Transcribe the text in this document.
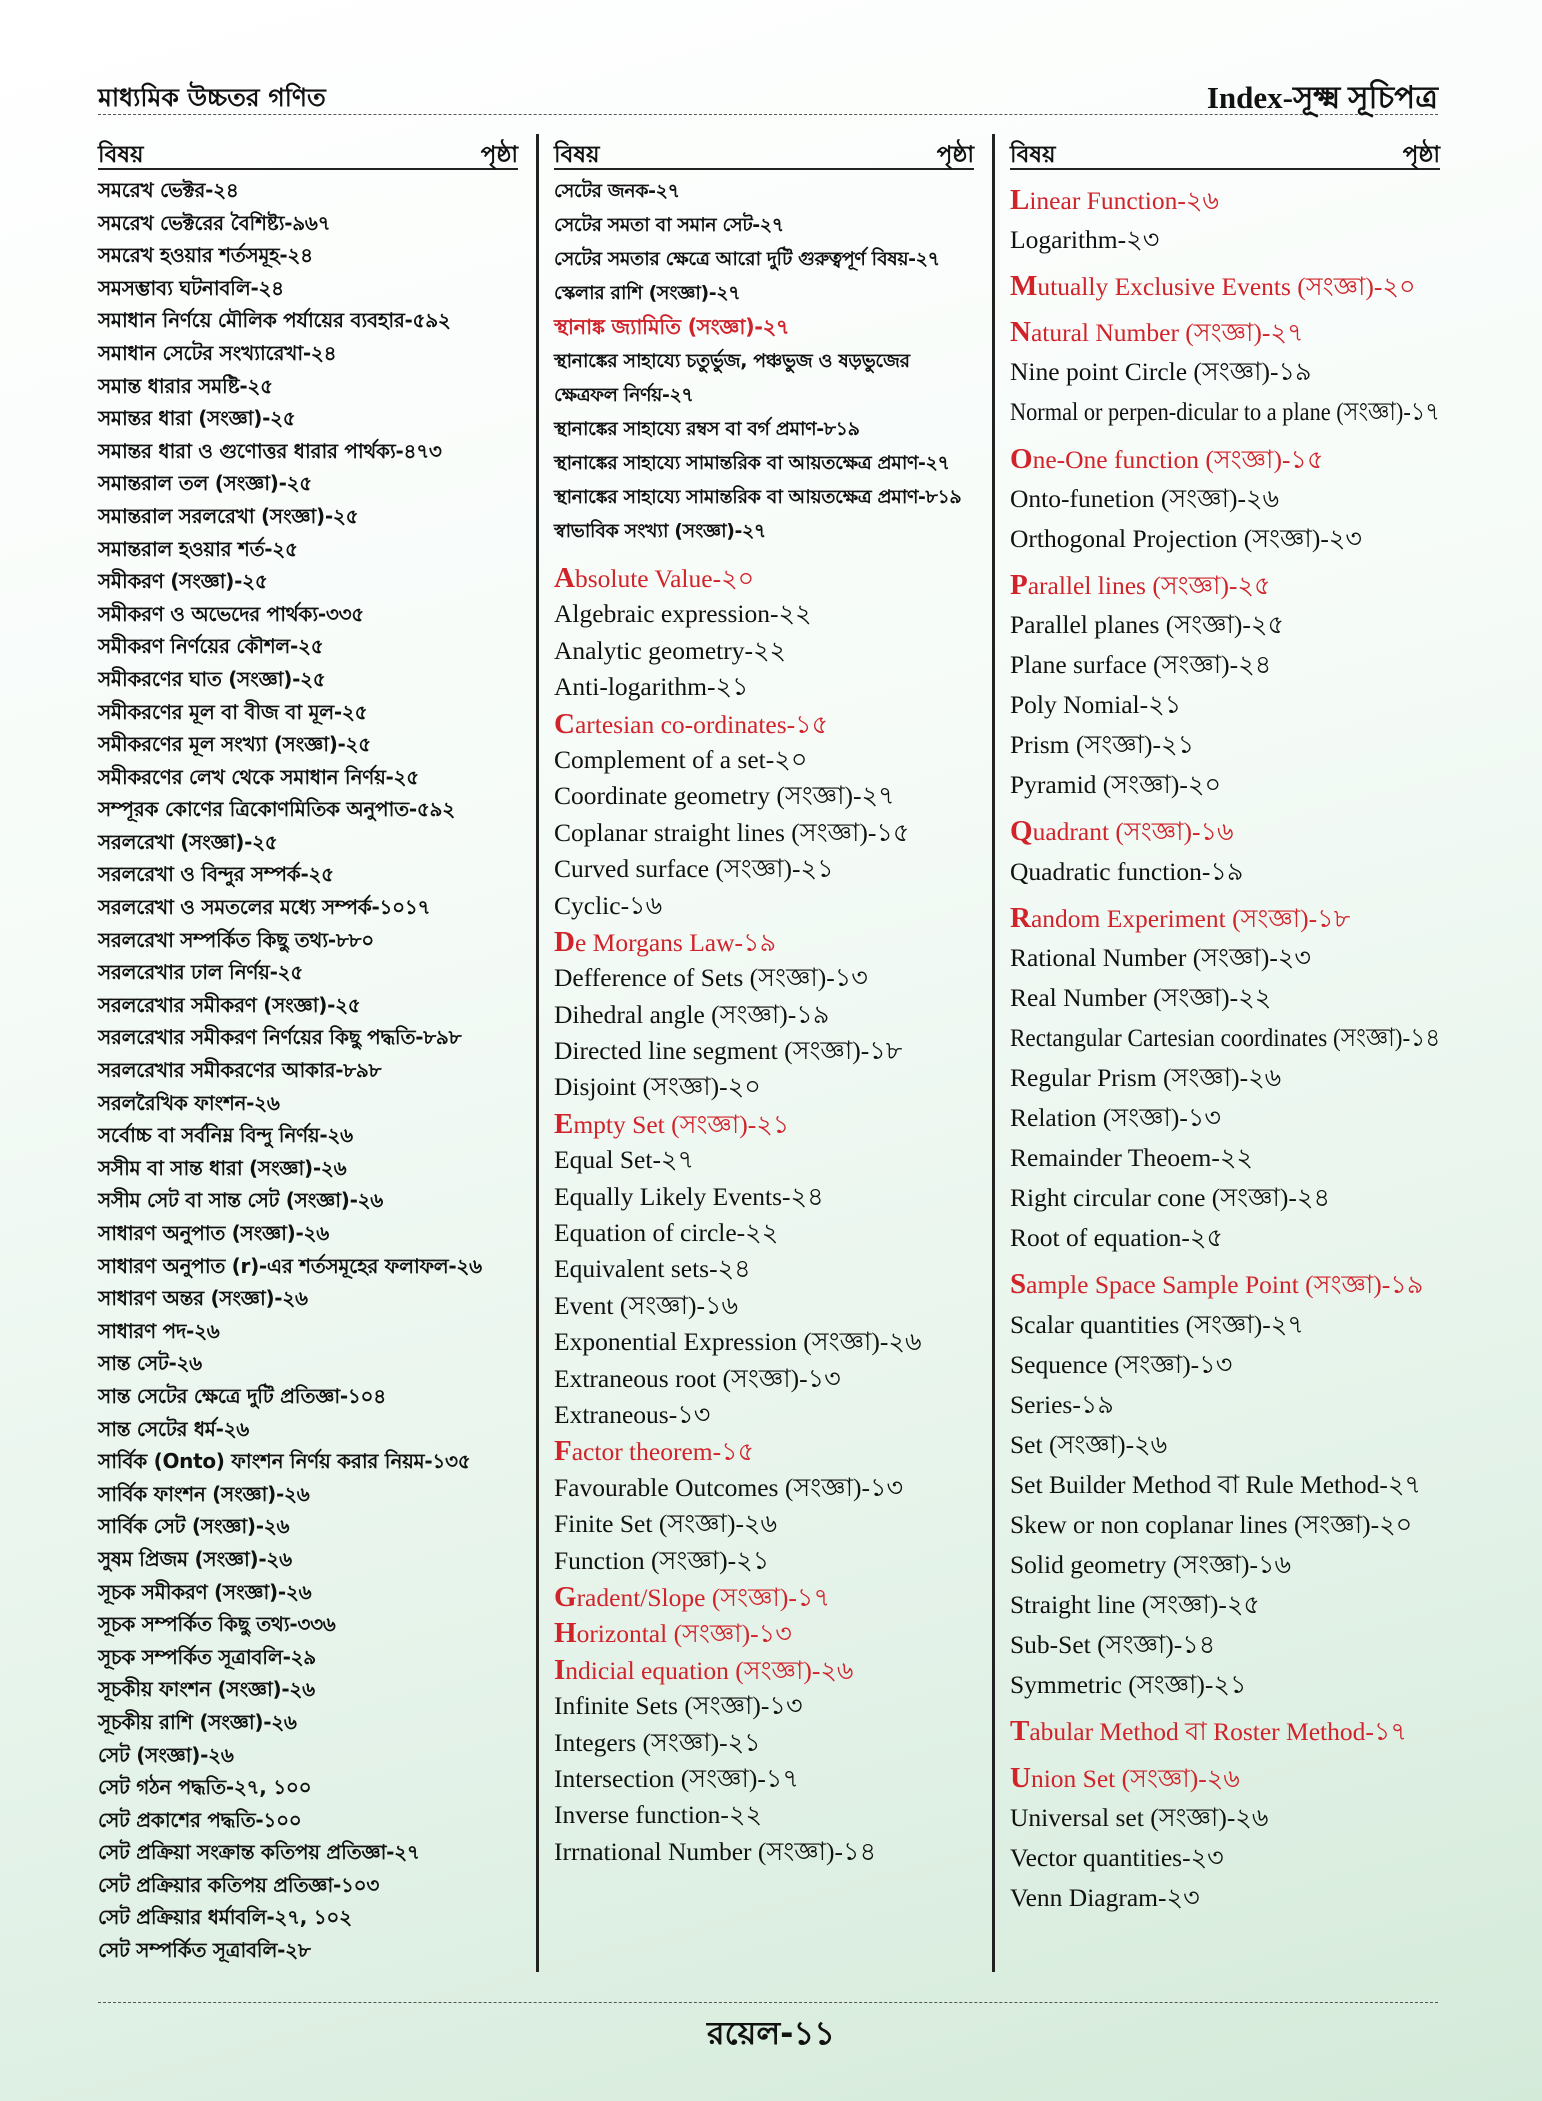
মাধ্যমিক উচ্চতর গণিত	Index-সূক্ষ্ম সূচিপত্র
বিষয়	পৃষ্ঠা
সমরেখ ভেক্টর-২৪
সমরেখ ভেক্টরের বৈশিষ্ট্য-৯৬৭
সমরেখ হওয়ার শর্তসমূহ-২৪
সমসম্ভাব্য ঘটনাবলি-২৪
সমাধান নির্ণয়ে মৌলিক পর্যায়ের ব্যবহার-৫৯২
সমাধান সেটের সংখ্যারেখা-২৪
সমান্ত ধারার সমষ্টি-২৫
সমান্তর ধারা (সংজ্ঞা)-২৫
সমান্তর ধারা ও গুণোত্তর ধারার পার্থক্য-৪৭৩
সমান্তরাল তল (সংজ্ঞা)-২৫
সমান্তরাল সরলরেখা (সংজ্ঞা)-২৫
সমান্তরাল হওয়ার শর্ত-২৫
সমীকরণ (সংজ্ঞা)-২৫
সমীকরণ ও অভেদের পার্থক্য-৩৩৫
সমীকরণ নির্ণয়ের কৌশল-২৫
সমীকরণের ঘাত (সংজ্ঞা)-২৫
সমীকরণের মূল বা বীজ বা মূল-২৫
সমীকরণের মূল সংখ্যা (সংজ্ঞা)-২৫
সমীকরণের লেখ থেকে সমাধান নির্ণয়-২৫
সম্পূরক কোণের ত্রিকোণমিতিক অনুপাত-৫৯২
সরলরেখা (সংজ্ঞা)-২৫
সরলরেখা ও বিন্দুর সম্পর্ক-২৫
সরলরেখা ও সমতলের মধ্যে সম্পর্ক-১০১৭
সরলরেখা সম্পর্কিত কিছু তথ্য-৮৮০
সরলরেখার ঢাল নির্ণয়-২৫
সরলরেখার সমীকরণ (সংজ্ঞা)-২৫
সরলরেখার সমীকরণ নির্ণয়ের কিছু পদ্ধতি-৮৯৮
সরলরেখার সমীকরণের আকার-৮৯৮
সরলরৈখিক ফাংশন-২৬
সর্বোচ্চ বা সর্বনিম্ন বিন্দু নির্ণয়-২৬
সসীম বা সান্ত ধারা (সংজ্ঞা)-২৬
সসীম সেট বা সান্ত সেট (সংজ্ঞা)-২৬
সাধারণ অনুপাত (সংজ্ঞা)-২৬
সাধারণ অনুপাত (r)-এর শর্তসমূহের ফলাফল-২৬
সাধারণ অন্তর (সংজ্ঞা)-২৬
সাধারণ পদ-২৬
সান্ত সেট-২৬
সান্ত সেটের ক্ষেত্রে দুটি প্রতিজ্ঞা-১০৪
সান্ত সেটের ধর্ম-২৬
সার্বিক (Onto) ফাংশন নির্ণয় করার নিয়ম-১৩৫
সার্বিক ফাংশন (সংজ্ঞা)-২৬
সার্বিক সেট (সংজ্ঞা)-২৬
সুষম প্রিজম (সংজ্ঞা)-২৬
সূচক সমীকরণ (সংজ্ঞা)-২৬
সূচক সম্পর্কিত কিছু তথ্য-৩৩৬
সূচক সম্পর্কিত সূত্রাবলি-২৯
সূচকীয় ফাংশন (সংজ্ঞা)-২৬
সূচকীয় রাশি (সংজ্ঞা)-২৬
সেট (সংজ্ঞা)-২৬
সেট গঠন পদ্ধতি-২৭, ১০০
সেট প্রকাশের পদ্ধতি-১০০
সেট প্রক্রিয়া সংক্রান্ত কতিপয় প্রতিজ্ঞা-২৭
সেট প্রক্রিয়ার কতিপয় প্রতিজ্ঞা-১০৩
সেট প্রক্রিয়ার ধর্মাবলি-২৭, ১০২
সেট সম্পর্কিত সূত্রাবলি-২৮
বিষয়	পৃষ্ঠা
সেটের জনক-২৭
সেটের সমতা বা সমান সেট-২৭
সেটের সমতার ক্ষেত্রে আরো দুটি গুরুত্বপূর্ণ বিষয়-২৭
স্কেলার রাশি (সংজ্ঞা)-২৭
স্থানাঙ্ক জ্যামিতি (সংজ্ঞা)-২৭
স্থানাঙ্কের সাহায্যে চতুর্ভুজ, পঞ্চভুজ ও ষড়ভুজের
ক্ষেত্রফল নির্ণয়-২৭
স্থানাঙ্কের সাহায্যে রম্বস বা বর্গ প্রমাণ-৮১৯
স্থানাঙ্কের সাহায্যে সামান্তরিক বা আয়তক্ষেত্র প্রমাণ-২৭
স্থানাঙ্কের সাহায্যে সামান্তরিক বা আয়তক্ষেত্র প্রমাণ-৮১৯
স্বাভাবিক সংখ্যা (সংজ্ঞা)-২৭
Absolute Value-২০
Algebraic expression-২২
Analytic geometry-২২
Anti-logarithm-২১
Cartesian co-ordinates-১৫
Complement of a set-২০
Coordinate geometry (সংজ্ঞা)-২৭
Coplanar straight lines (সংজ্ঞা)-১৫
Curved surface (সংজ্ঞা)-২১
Cyclic-১৬
De Morgans Law-১৯
Defference of Sets (সংজ্ঞা)-১৩
Dihedral angle (সংজ্ঞা)-১৯
Directed line segment (সংজ্ঞা)-১৮
Disjoint (সংজ্ঞা)-২০
Empty Set (সংজ্ঞা)-২১
Equal Set-২৭
Equally Likely Events-২৪
Equation of circle-২২
Equivalent sets-২৪
Event (সংজ্ঞা)-১৬
Exponential Expression (সংজ্ঞা)-২৬
Extraneous root (সংজ্ঞা)-১৩
Extraneous-১৩
Factor theorem-১৫
Favourable Outcomes (সংজ্ঞা)-১৩
Finite Set (সংজ্ঞা)-২৬
Function (সংজ্ঞা)-২১
Gradent/Slope (সংজ্ঞা)-১৭
Horizontal (সংজ্ঞা)-১৩
Indicial equation (সংজ্ঞা)-২৬
Infinite Sets (সংজ্ঞা)-১৩
Integers (সংজ্ঞা)-২১
Intersection (সংজ্ঞা)-১৭
Inverse function-২২
Irrnational Number (সংজ্ঞা)-১৪
বিষয়	পৃষ্ঠা
Linear Function-২৬
Logarithm-২৩
Mutually Exclusive Events (সংজ্ঞা)-২০
Natural Number (সংজ্ঞা)-২৭
Nine point Circle (সংজ্ঞা)-১৯
Normal or perpen-dicular to a plane (সংজ্ঞা)-১৭
One-One function (সংজ্ঞা)-১৫
Onto-funetion (সংজ্ঞা)-২৬
Orthogonal Projection (সংজ্ঞা)-২৩
Parallel lines (সংজ্ঞা)-২৫
Parallel planes (সংজ্ঞা)-২৫
Plane surface (সংজ্ঞা)-২৪
Poly Nomial-২১
Prism (সংজ্ঞা)-২১
Pyramid (সংজ্ঞা)-২০
Quadrant (সংজ্ঞা)-১৬
Quadratic function-১৯
Random Experiment (সংজ্ঞা)-১৮
Rational Number (সংজ্ঞা)-২৩
Real Number (সংজ্ঞা)-২২
Rectangular Cartesian coordinates (সংজ্ঞা)-১৪
Regular Prism (সংজ্ঞা)-২৬
Relation (সংজ্ঞা)-১৩
Remainder Theoem-২২
Right circular cone (সংজ্ঞা)-২৪
Root of equation-২৫
Sample Space Sample Point (সংজ্ঞা)-১৯
Scalar quantities (সংজ্ঞা)-২৭
Sequence (সংজ্ঞা)-১৩
Series-১৯
Set (সংজ্ঞা)-২৬
Set Builder Method বা Rule Method-২৭
Skew or non coplanar lines (সংজ্ঞা)-২০
Solid geometry (সংজ্ঞা)-১৬
Straight line (সংজ্ঞা)-২৫
Sub-Set (সংজ্ঞা)-১৪
Symmetric (সংজ্ঞা)-২১
Tabular Method বা Roster Method-১৭
Union Set (সংজ্ঞা)-২৬
Universal set (সংজ্ঞা)-২৬
Vector quantities-২৩
Venn Diagram-২৩
রয়েল-১১
